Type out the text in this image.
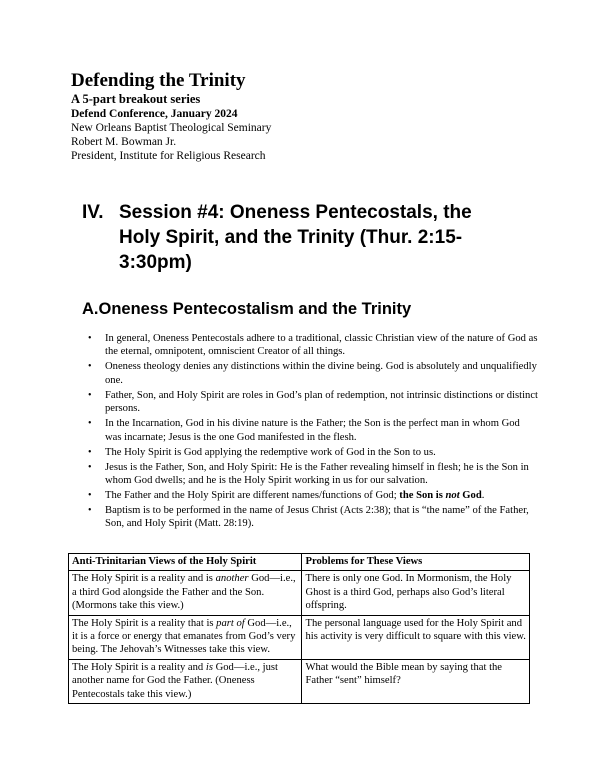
Defending the Trinity
A 5-part breakout series
Defend Conference, January 2024
New Orleans Baptist Theological Seminary
Robert M. Bowman Jr.
President, Institute for Religious Research
IV. Session #4: Oneness Pentecostals, the Holy Spirit, and the Trinity (Thur. 2:15-3:30pm)
A.Oneness Pentecostalism and the Trinity
• In general, Oneness Pentecostals adhere to a traditional, classic Christian view of the nature of God as the eternal, omnipotent, omniscient Creator of all things.
• Oneness theology denies any distinctions within the divine being. God is absolutely and unqualifiedly one.
• Father, Son, and Holy Spirit are roles in God’s plan of redemption, not intrinsic distinctions or distinct persons.
• In the Incarnation, God in his divine nature is the Father; the Son is the perfect man in whom God was incarnate; Jesus is the one God manifested in the flesh.
• The Holy Spirit is God applying the redemptive work of God in the Son to us.
• Jesus is the Father, Son, and Holy Spirit: He is the Father revealing himself in flesh; he is the Son in whom God dwells; and he is the Holy Spirit working in us for our salvation.
• The Father and the Holy Spirit are different names/functions of God; the Son is not God.
• Baptism is to be performed in the name of Jesus Christ (Acts 2:38); that is “the name” of the Father, Son, and Holy Spirit (Matt. 28:19).
Anti-Trinitarian Views of the Holy Spirit	Problems for These Views
The Holy Spirit is a reality and is another God—i.e., a third God alongside the Father and the Son. (Mormons take this view.)	There is only one God. In Mormonism, the Holy Ghost is a third God, perhaps also God’s literal offspring.
The Holy Spirit is a reality that is part of God—i.e., it is a force or energy that emanates from God’s very being. The Jehovah’s Witnesses take this view.	The personal language used for the Holy Spirit and his activity is very difficult to square with this view.
The Holy Spirit is a reality and is God—i.e., just another name for God the Father. (Oneness Pentecostals take this view.)	What would the Bible mean by saying that the Father “sent” himself?
